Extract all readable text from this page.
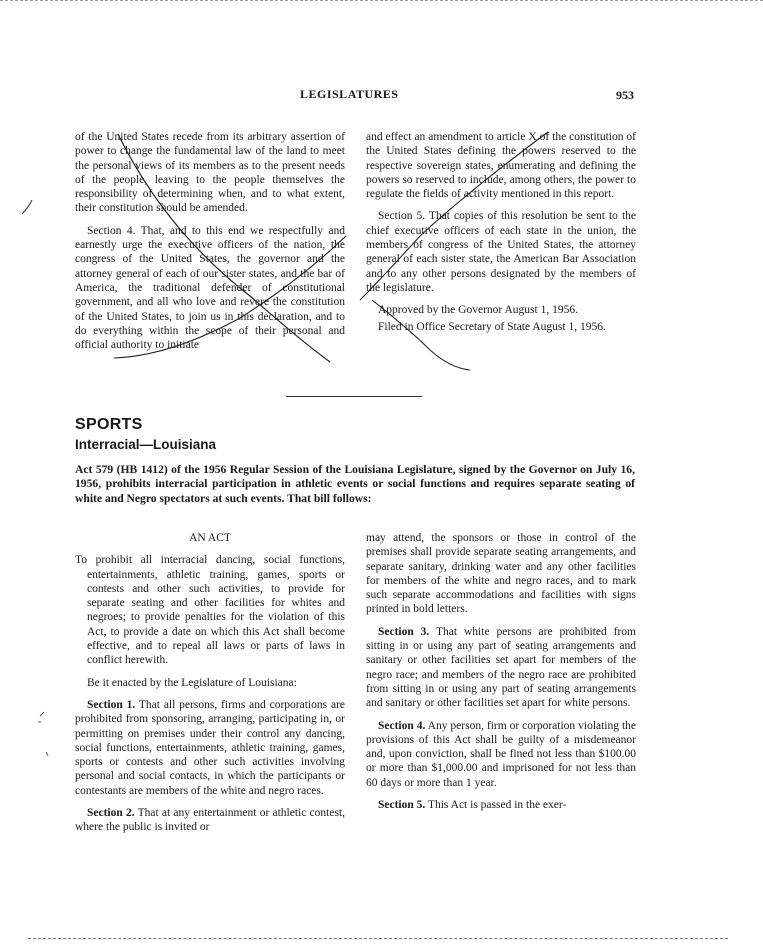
LEGISLATURES	953

of the United States recede from its arbitrary assertion of power to change the fundamental law of the land to meet the personal views of its members as to the present needs of the people, leaving to the people themselves the responsibility of determining when, and to what extent, their constitution should be amended.

Section 4. That, and to this end we respectfully and earnestly urge the executive officers of the nation, the congress of the United States, the governor and the attorney general of each of our sister states, and the bar of America, the traditional defender of constitutional government, and all who love and revere the constitution of the United States, to join us in this declaration, and to do everything within the scope of their personal and official authority to initiate

and effect an amendment to article X of the constitution of the United States defining the powers reserved to the respective sovereign states, enumerating and defining the powers so reserved to include, among others, the power to regulate the fields of activity mentioned in this report.

Section 5. That copies of this resolution be sent to the chief executive officers of each state in the union, the members of congress of the United States, the attorney general of each sister state, the American Bar Association and to any other persons designated by the members of the legislature.

Approved by the Governor August 1, 1956.

Filed in Office Secretary of State August 1, 1956.

SPORTS
Interracial—Louisiana
Act 579 (HB 1412) of the 1956 Regular Session of the Louisiana Legislature, signed by the Governor on July 16, 1956, prohibits interracial participation in athletic events or social functions and requires separate seating of white and Negro spectators at such events. That bill follows:

AN ACT

To prohibit all interracial dancing, social functions, entertainments, athletic training, games, sports or contests and other such activities, to provide for separate seating and other facilities for whites and negroes; to provide penalties for the violation of this Act, to provide a date on which this Act shall become effective, and to repeal all laws or parts of laws in conflict herewith.

Be it enacted by the Legislature of Louisiana:

Section 1. That all persons, firms and corporations are prohibited from sponsoring, arranging, participating in, or permitting on premises under their control any dancing, social functions, entertainments, athletic training, games, sports or contests and other such activities involving personal and social contacts, in which the participants or contestants are members of the white and negro races.

Section 2. That at any entertainment or athletic contest, where the public is invited or

may attend, the sponsors or those in control of the premises shall provide separate seating arrangements, and separate sanitary, drinking water and any other facilities for members of the white and negro races, and to mark such separate accommodations and facilities with signs printed in bold letters.

Section 3. That white persons are prohibited from sitting in or using any part of seating arrangements and sanitary or other facilities set apart for members of the negro race; and members of the negro race are prohibited from sitting in or using any part of seating arrangements and sanitary or other facilities set apart for white persons.

Section 4. Any person, firm or corporation violating the provisions of this Act shall be guilty of a misdemeanor and, upon conviction, shall be fined not less than $100.00 or more than $1,000.00 and imprisoned for not less than 60 days or more than 1 year.

Section 5. This Act is passed in the exer-
